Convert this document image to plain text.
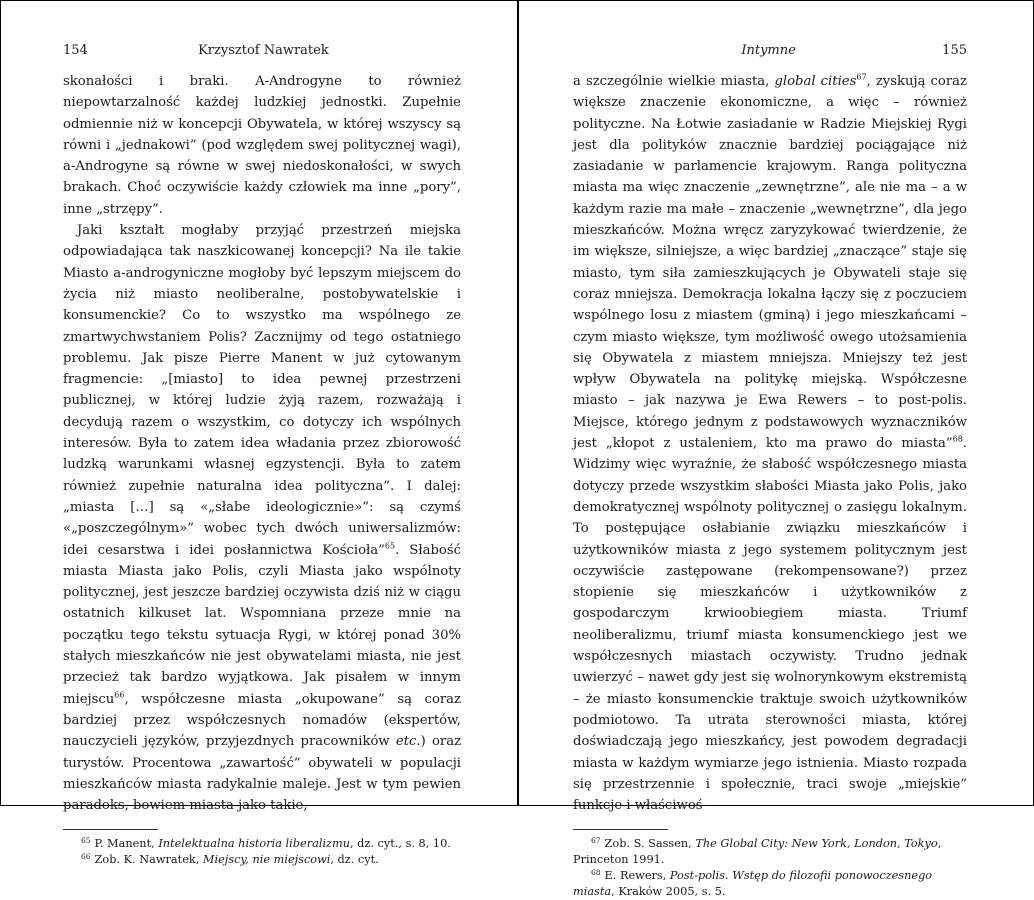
154	Krzysztof Nawratek

skonałości i braki. A-Androgyne to również niepowtarzalność każdej ludzkiej jednostki. Zupełnie odmiennie niż w koncepcji Obywatela, w której wszyscy są równi i „jednakowi” (pod względem swej politycznej wagi), a-Androgyne są równe w swej niedoskonałości, w swych brakach. Choć oczywiście każdy człowiek ma inne „pory”, inne „strzępy”.

Jaki kształt mogłaby przyjąć przestrzeń miejska odpowiadająca tak naszkicowanej koncepcji? Na ile takie Miasto a-androgyniczne mogłoby być lepszym miejscem do życia niż miasto neoliberalne, postobywatelskie i konsumenckie? Co to wszystko ma wspólnego ze zmartwychwstaniem Polis? Zacznijmy od tego ostatniego problemu. Jak pisze Pierre Manent w już cytowanym fragmencie: „[miasto] to idea pewnej przestrzeni publicznej, w której ludzie żyją razem, rozważają i decydują razem o wszystkim, co dotyczy ich wspólnych interesów. Była to zatem idea władania przez zbiorowość ludzką warunkami własnej egzystencji. Była to zatem również zupełnie naturalna idea polityczna”. I dalej: „miasta […] są «„słabe ideologicznie»”: są czymś «„poszczególnym»” wobec tych dwóch uniwersalizmów: idei cesarstwa i idei posłannictwa Kościoła”$^{65}$. Słabość miasta Miasta jako Polis, czyli Miasta jako wspólnoty politycznej, jest jeszcze bardziej oczywista dziś niż w ciągu ostatnich kilkuset lat. Wspomniana przeze mnie na początku tego tekstu sytuacja Rygi, w której ponad 30% stałych mieszkańców nie jest obywatelami miasta, nie jest przecież tak bardzo wyjątkowa. Jak pisałem w innym miejscu$^{66}$, współczesne miasta „okupowane” są coraz bardziej przez współczesnych nomadów (ekspertów, nauczycieli języków, przyjezdnych pracowników etc.) oraz turystów. Procentowa „zawartość” obywateli w populacji mieszkańców miasta radykalnie maleje. Jest w tym pewien paradoks, bowiem miasta jako takie,

$^{65}$ P. Manent, Intelektualna historia liberalizmu, dz. cyt., s. 8, 10.

$^{66}$ Zob. K. Nawratek, Miejscy, nie miejscowi, dz. cyt.

Intymne	155

a szczególnie wielkie miasta, global cities$^{67}$, zyskują coraz większe znaczenie ekonomiczne, a więc – również polityczne. Na Łotwie zasiadanie w Radzie Miejskiej Rygi jest dla polityków znacznie bardziej pociągające niż zasiadanie w parlamencie krajowym. Ranga polityczna miasta ma więc znaczenie „zewnętrzne”, ale nie ma – a w każdym razie ma małe – znaczenie „wewnętrzne”, dla jego mieszkańców. Można wręcz zaryzykować twierdzenie, że im większe, silniejsze, a więc bardziej „znaczące” staje się miasto, tym siła zamieszkujących je Obywateli staje się coraz mniejsza. Demokracja lokalna łączy się z poczuciem wspólnego losu z miastem (gminą) i jego mieszkańcami – czym miasto większe, tym możliwość owego utożsamienia się Obywatela z miastem mniejsza. Mniejszy też jest wpływ Obywatela na politykę miejską. Współczesne miasto – jak nazywa je Ewa Rewers – to post-polis. Miejsce, którego jednym z podstawowych wyznaczników jest „kłopot z ustaleniem, kto ma prawo do miasta”$^{68}$. Widzimy więc wyraźnie, że słabość współczesnego miasta dotyczy przede wszystkim słabości Miasta jako Polis, jako demokratycznej wspólnoty politycznej o zasięgu lokalnym. To postępujące osłabianie związku mieszkańców i użytkowników miasta z jego systemem politycznym jest oczywiście zastępowane (rekompensowane?) przez stopienie się mieszkańców i użytkowników z gospodarczym krwioobiegiem miasta. Triumf neoliberalizmu, triumf miasta konsumenckiego jest we współczesnych miastach oczywisty. Trudno jednak uwierzyć – nawet gdy jest się wolnorynkowym ekstremistą – że miasto konsumenckie traktuje swoich użytkowników podmiotowo. Ta utrata sterowności miasta, której doświadczają jego mieszkańcy, jest powodem degradacji miasta w każdym wymiarze jego istnienia. Miasto rozpada się przestrzennie i społecznie, traci swoje „miejskie” funkcje i właściwoś-

$^{67}$ Zob. S. Sassen, The Global City: New York, London, Tokyo, Princeton 1991.

$^{68}$ E. Rewers, Post-polis. Wstęp do filozofii ponowoczesnego miasta, Kraków 2005, s. 5.
